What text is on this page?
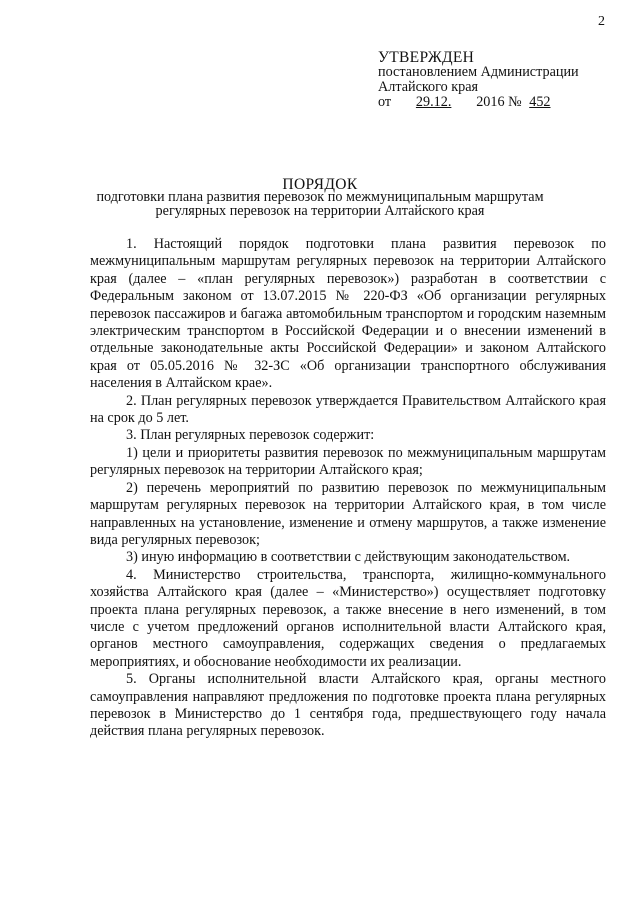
2
УТВЕРЖДЕН
постановлением Администрации
Алтайского края
от 29.12. 2016 № 452
ПОРЯДОК
подготовки плана развития перевозок по межмуниципальным маршрутам регулярных перевозок на территории Алтайского края

1. Настоящий порядок подготовки плана развития перевозок по межмуниципальным маршрутам регулярных перевозок на территории Алтайского края (далее – «план регулярных перевозок») разработан в соответствии с Федеральным законом от 13.07.2015 № 220-ФЗ «Об организации регулярных перевозок пассажиров и багажа автомобильным транспортом и городским наземным электрическим транспортом в Российской Федерации и о внесении изменений в отдельные законодательные акты Российской Федерации» и законом Алтайского края от 05.05.2016 № 32-ЗС «Об организации транспортного обслуживания населения в Алтайском крае».

2. План регулярных перевозок утверждается Правительством Алтайского края на срок до 5 лет.

3. План регулярных перевозок содержит:

1) цели и приоритеты развития перевозок по межмуниципальным маршрутам регулярных перевозок на территории Алтайского края;

2) перечень мероприятий по развитию перевозок по межмуниципальным маршрутам регулярных перевозок на территории Алтайского края, в том числе направленных на установление, изменение и отмену маршрутов, а также изменение вида регулярных перевозок;

3) иную информацию в соответствии с действующим законодательством.

4. Министерство строительства, транспорта, жилищно-коммунального хозяйства Алтайского края (далее – «Министерство») осуществляет подготовку проекта плана регулярных перевозок, а также внесение в него изменений, в том числе с учетом предложений органов исполнительной власти Алтайского края, органов местного самоуправления, содержащих сведения о предлагаемых мероприятиях, и обоснование необходимости их реализации.

5. Органы исполнительной власти Алтайского края, органы местного самоуправления направляют предложения по подготовке проекта плана регулярных перевозок в Министерство до 1 сентября года, предшествующего году начала действия плана регулярных перевозок.
